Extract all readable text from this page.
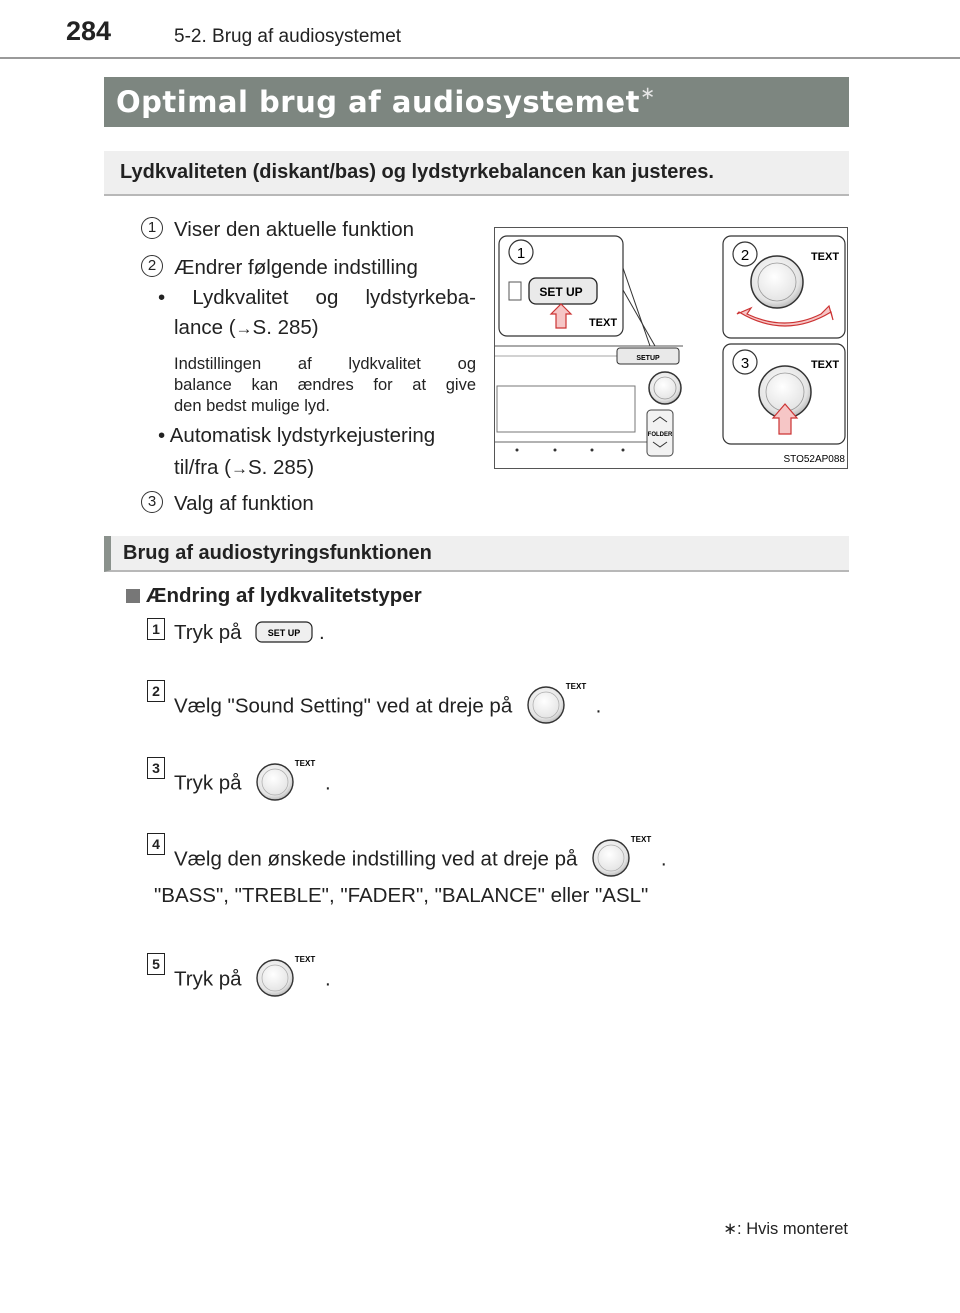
284	5-2. Brug af audiosystemet
Optimal brug af audiosystemet∗
Lydkvaliteten (diskant/bas) og lydstyrkebalancen kan justeres.
1 Viser den aktuelle funktion
2 Ændrer følgende indstilling
• Lydkvalitet og lydstyrkeba-
lance (→S. 285)
Indstillingen af lydkvalitet og
balance kan ændres for at give
den bedst mulige lyd.
• Automatisk lydstyrkejustering
til/fra (→S. 285)
3 Valg af funktion
SETUP
FOLDER
1
SET UP
TEXT
2	TEXT
3	TEXT
STO52AP088
Brug af audiostyringsfunktionen
Ændring af lydkvalitetstyper
1 Tryk på	SET UP .
2
Vælg "Sound Setting" ved at dreje på
TEXT
.
3
Tryk på
TEXT
.
4
Vælg den ønskede indstilling ved at dreje på
TEXT
.
"BASS", "TREBLE", "FADER", "BALANCE" eller "ASL"
5
Tryk på
TEXT
.
∗: Hvis monteret
